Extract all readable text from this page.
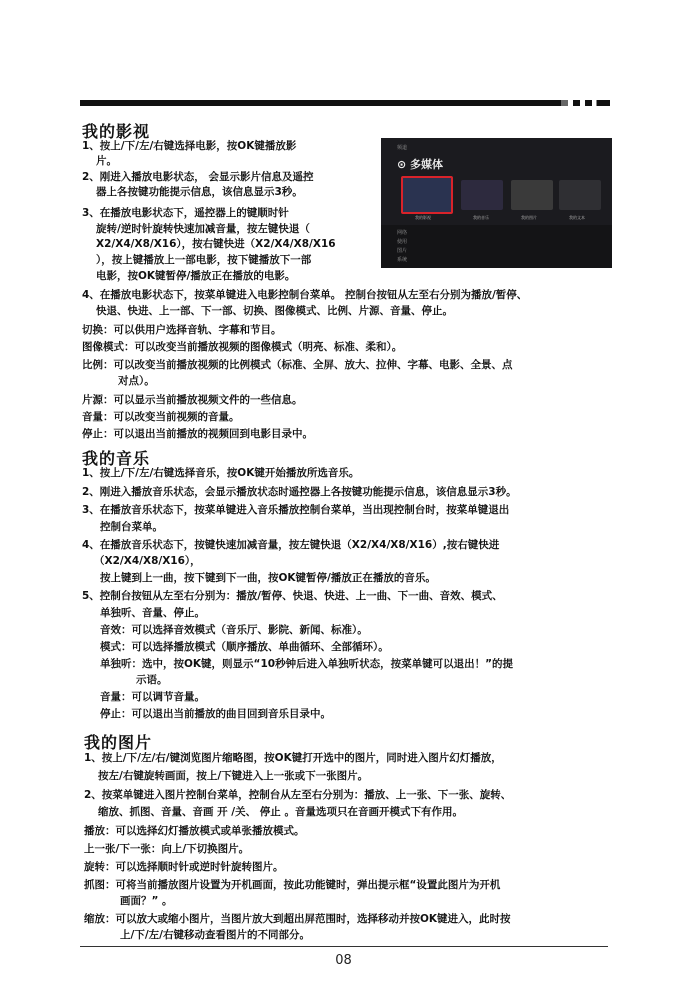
频道
⊙ 多媒体
我的影视	我的音乐	我的图片	我的文本
网络
使用
图片
系统
我的影视
1、按上/下/左/右键选择电影，按OK键播放影
片。
2、刚进入播放电影状态， 会显示影片信息及遥控
器上各按键功能提示信息，该信息显示3秒。
3、在播放电影状态下，遥控器上的键顺时针
旋转/逆时针旋转快速加减音量，按左键快退（
X2/X4/X8/X16），按右键快进（X2/X4/X8/X16
），按上键播放上一部电影，按下键播放下一部
电影，按OK键暂停/播放正在播放的电影。
4、在播放电影状态下，按菜单键进入电影控制台菜单。 控制台按钮从左至右分别为播放/暂停、
快退、快进、上一部、下一部、切换、图像模式、比例、片源、音量、停止。
切换：可以供用户选择音轨、字幕和节目。
图像模式：可以改变当前播放视频的图像模式（明亮、标准、柔和）。
比例：可以改变当前播放视频的比例模式（标准、全屏、放大、拉伸、字幕、电影、全景、点
对点）。
片源：可以显示当前播放视频文件的一些信息。
音量：可以改变当前视频的音量。
停止：可以退出当前播放的视频回到电影目录中。
我的音乐
1、按上/下/左/右键选择音乐，按OK键开始播放所选音乐。
2、刚进入播放音乐状态，会显示播放状态时遥控器上各按键功能提示信息，该信息显示3秒。
3、在播放音乐状态下，按菜单键进入音乐播放控制台菜单，当出现控制台时，按菜单键退出
控制台菜单。
4、在播放音乐状态下，按键快速加减音量，按左键快退（X2/X4/X8/X16）,按右键快进
（X2/X4/X8/X16），
按上键到上一曲，按下键到下一曲，按OK键暂停/播放正在播放的音乐。
5、控制台按钮从左至右分别为：播放/暂停、快退、快进、上一曲、下一曲、音效、模式、
单独听、音量、停止。
音效：可以选择音效模式（音乐厅、影院、新闻、标准）。
模式：可以选择播放模式（顺序播放、单曲循环、全部循环）。
单独听：选中，按OK键，则显示“10秒钟后进入单独听状态，按菜单键可以退出！”的提
示语。
音量：可以调节音量。
停止：可以退出当前播放的曲目回到音乐目录中。
我的图片
1、按上/下/左/右/键浏览图片缩略图，按OK键打开选中的图片，同时进入图片幻灯播放，
按左/右键旋转画面，按上/下键进入上一张或下一张图片。
2、按菜单键进入图片控制台菜单，控制台从左至右分别为：播放、上一张、下一张、旋转、
缩放、抓图、音量、音画 开 /关、 停止 。音量选项只在音画开模式下有作用。
播放：可以选择幻灯播放模式或单张播放模式。
上一张/下一张：向上/下切换图片。
旋转：可以选择顺时针或逆时针旋转图片。
抓图：可将当前播放图片设置为开机画面，按此功能键时，弹出提示框“设置此图片为开机
画面？” 。
缩放：可以放大或缩小图片，当图片放大到超出屏范围时，选择移动并按OK键进入，此时按
上/下/左/右键移动查看图片的不同部分。
08
